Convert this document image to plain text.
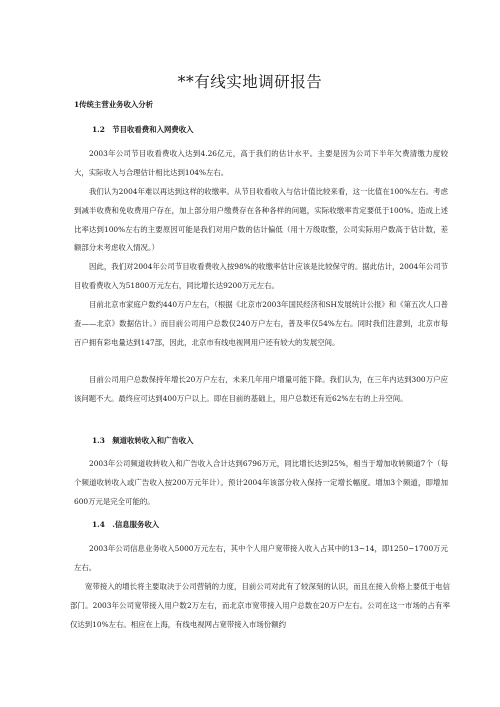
**有线实地调研报告
1传统主营业务收入分析
1.2　节目收看费和入网费收入

2003年公司节目收看费收入达到4.26亿元，高于我们的估计水平。主要是因为公司下半年欠费清缴力度较大，实际收入与合理估计相比达到104%左右。

我们认为2004年难以再达到这样的收缴率。从节目收看收入与估计值比较来看，这一比值在100%左右。考虑到减半收费和免收费用户存在，加上部分用户缴费存在各种各样的问题，实际收缴率肯定要低于100%。造成上述比率达到100%左右的主要原因可能是我们对用户数的估计偏低（用十万级取整，公司实际用户数高于估计数，差额部分未考虑收入情况。）

因此，我们对2004年公司节目收看费收入按98%的收缴率估计应该是比较保守的。据此估计，2004年公司节目收看费收入为51800万元左右，同比增长达9200万元左右。

目前北京市家庭户数约440万户左右，（根据《北京市2003年国民经济和SH发展统计公报》和《第五次人口普查——北京》数据估计。）而目前公司用户总数仅240万户左右，普及率仅54%左右。同时我们注意到，北京市每百户拥有彩电量达到147部，因此，北京市有线电视网用户还有较大的发展空间。

目前公司用户总数保持年增长20万户左右，未来几年用户增量可能下降。我们认为，在三年内达到300万户应该问题不大。最终应可达到400万户以上。即在目前的基础上，用户总数还有近62%左右的上升空间。

1.3　频道收转收入和广告收入

2003年公司频道收转收入和广告收入合计达到6796万元，同比增长达到25%，相当于增加收转频道7个（每个频道收转收入或广告收入按200万元年计）。预计2004年该部分收入保持一定增长幅度。增加3个频道，即增加600万元是完全可能的。

1.4　.信息服务收入

2003年公司信息业务收入5000万元左右，其中个人用户宽带接入收入占其中的13~14，即1250~1700万元左右。

宽带接入的增长将主要取决于公司营销的力度，目前公司对此有了较深刻的认识，而且在接入价格上要低于电信部门。2003年公司宽带接入用户数2万左右，而北京市宽带接入用户总数在20万户左右。公司在这一市场的占有率仅达到10%左右。相应在上海，有线电视网占宽带接入市场份额约
